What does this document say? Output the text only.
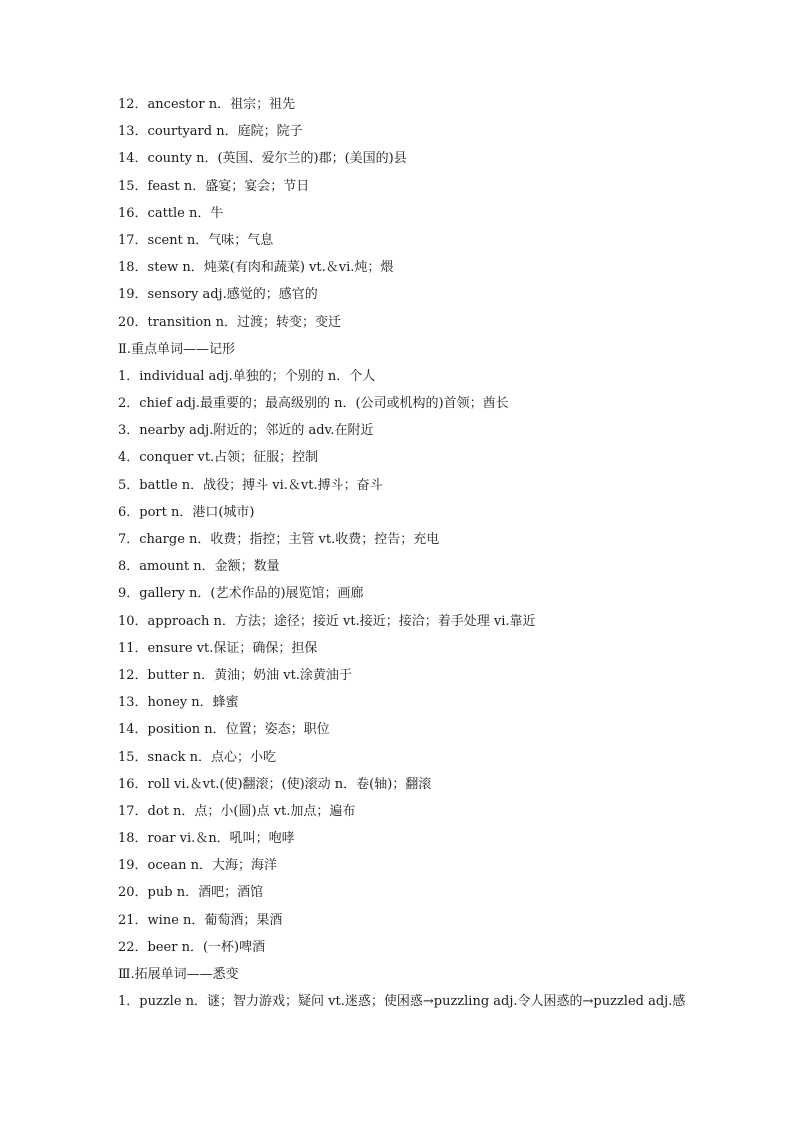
12．ancestor n．祖宗；祖先
13．courtyard n．庭院；院子
14．county n．(英国、爱尔兰的)郡；(美国的)县
15．feast n．盛宴；宴会；节日
16．cattle n．牛
17．scent n．气味；气息
18．stew n．炖菜(有肉和蔬菜) vt.＆vi.炖；煨
19．sensory adj.感觉的；感官的
20．transition n．过渡；转变；变迁
Ⅱ.重点单词——记形
1．individual adj.单独的；个别的 n．个人
2．chief adj.最重要的；最高级别的 n．(公司或机构的)首领；酋长
3．nearby adj.附近的；邻近的 adv.在附近
4．conquer vt.占领；征服；控制
5．battle n．战役；搏斗 vi.＆vt.搏斗；奋斗
6．port n．港口(城市)
7．charge n．收费；指控；主管 vt.收费；控告；充电
8．amount n．金额；数量
9．gallery n．(艺术作品的)展览馆；画廊
10．approach n．方法；途径；接近 vt.接近；接洽；着手处理 vi.靠近
11．ensure vt.保证；确保；担保
12．butter n．黄油；奶油 vt.涂黄油于
13．honey n．蜂蜜
14．position n．位置；姿态；职位
15．snack n．点心；小吃
16．roll vi.＆vt.(使)翻滚；(使)滚动 n．卷(轴)；翻滚
17．dot n．点；小(圆)点 vt.加点；遍布
18．roar vi.＆n．吼叫；咆哮
19．ocean n．大海；海洋
20．pub n．酒吧；酒馆
21．wine n．葡萄酒；果酒
22．beer n．(一杯)啤酒
Ⅲ.拓展单词——悉变
1．puzzle n．谜；智力游戏；疑问 vt.迷惑；使困惑→puzzling adj.令人困惑的→puzzled adj.感
